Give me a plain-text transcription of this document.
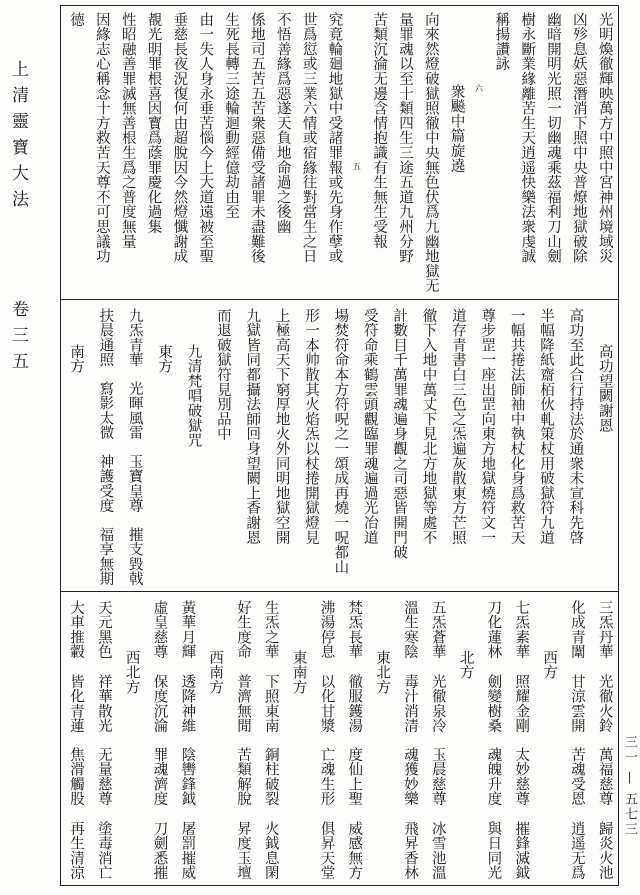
上清靈寶大法
卷三五
光明煥徹輝映萬方中照中宮神州境域災
凶殄息妖惡潛消下照中央普燎地獄破除
幽暗開明光照一切幽魂乘茲福利刀山劍
樹永斷業緣離苦生天逍遥快樂法衆虔誠
稱揚讚詠
六
衆飈中篇旋遶
向來然燈破獄照徹中央無色伏爲九幽地獄无
量罪魂以至十類四生三途五道九州分野
苦類沉淪无邊含情抱識有生無生受報
五
究竟輪廻地獄中受諸罪報或先身作孽或
世爲愆或三業六情或宿緣往對當生之日
不悟善緣爲惡遂天負地命過之後幽
係地司五苦五苦衆惡備受諸罪未盡難後
生死長轉三途輪迴動經億劫由至
由一失人身永垂苦惱今上大道遠被至聖
垂慈長夜況復何由超脫因今然燈懺謝成
覩光明罪根喜因寳爲蔭罪慶化過集
性昭融善罪滅無善根生爲之普度無量
因緣志心稱念十方救苦天尊不可思議功
德
高功望闕謝恩
高功至此合行持法於通衆未宣科先啓
半幅降紙齋栢伙軋策杖用破獄符九道
一幅共捲法師袖中執杖化身爲救苦天
尊步罡一座出罡向東方地獄燒符文一
道存青書白三色之炁遍灰散東方芒照
徹下入地中萬丈下見北方地獄等處不
計數目千萬罪魂遍身觀之司惡皆開門破
受符命乘鶴雲頭觀臨罪魂遍過光冶道
場焚符命本方符呪之一頌成再燒一呪都山
形一本帅散其火焰炁以杖捲開獄燈見
上極高天下窮厚地火外同明地獄空開
九獄皆同都攝法師回身望闕上香謝恩
而退破獄符見別品中
九清梵唱破獄咒
東方
九炁青華
光暉風雷
玉寶皇尊
摧支毀戟
扶晨通照
寫影太微
神護受度
福享無期
南方
三炁丹華
光徹火鈴
萬福慈尊
歸炎火池
化成青闈
甘涼雲開
苦魂受恩
逍遥无爲
西方
七炁素華
照耀金剛
太妙慈尊
摧鋒滅鉞
刀化蓮林
劍變樹桑
魂魄升度
與日同光
北方
五炁蒼華
光徹泉冷
玉晨慈尊
冰雪池溫
溫生寒陰
毒汁消清
魂獲妙樂
飛昇香林
東北方
梵炁長華
徹服鑊湯
度仙上聖
威感無方
沸湯停息
以化甘漿
亡魂生形
俱昇天堂
東南方
生炁之華
下照東南
銅柱破裂
火鉞息閑
好生度命
普濟無閒
苦類解脫
昇度玉壇
西南方
黃華月輝
透降神維
陰轡鋒鉞
屠罰摧威
虛皇慈尊
保度沉淪
罪魂濟度
刀劍悉摧
西北方
天元黑色
祥華散光
无量慈尊
塗毒消亡
大車推轂
皆化青蓮
焦滑觸股
再生清涼
三一 — 五七三
